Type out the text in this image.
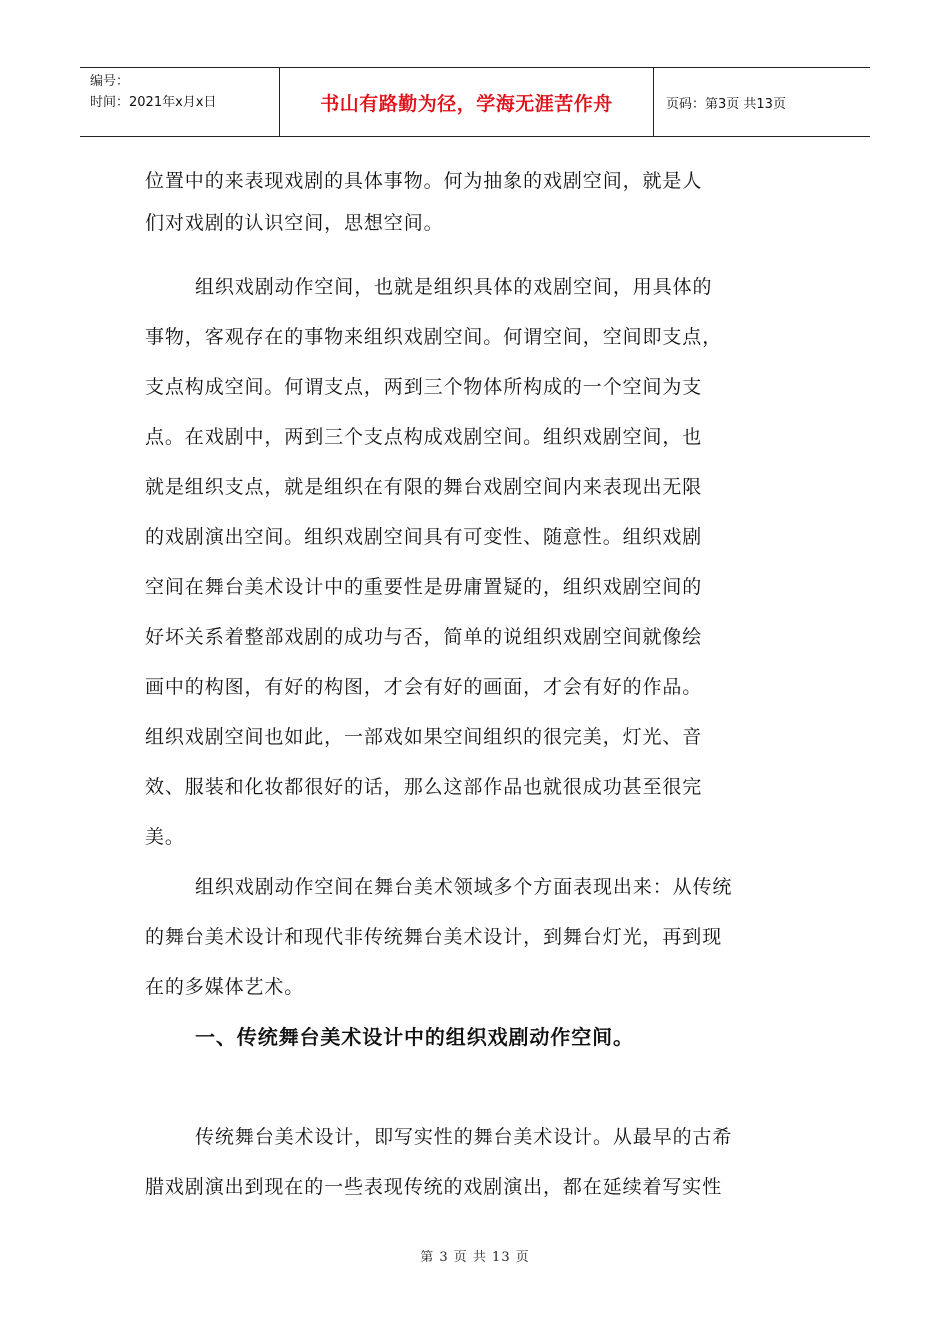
编号：
时间：2021年x月x日	书山有路勤为径，学海无涯苦作舟	页码：第3页 共13页

位置中的来表现戏剧的具体事物。何为抽象的戏剧空间，就是人

们对戏剧的认识空间，思想空间。

组织戏剧动作空间，也就是组织具体的戏剧空间，用具体的

事物，客观存在的事物来组织戏剧空间。何谓空间，空间即支点，

支点构成空间。何谓支点，两到三个物体所构成的一个空间为支

点。在戏剧中，两到三个支点构成戏剧空间。组织戏剧空间，也

就是组织支点，就是组织在有限的舞台戏剧空间内来表现出无限

的戏剧演出空间。组织戏剧空间具有可变性、随意性。组织戏剧

空间在舞台美术设计中的重要性是毋庸置疑的，组织戏剧空间的

好坏关系着整部戏剧的成功与否，简单的说组织戏剧空间就像绘

画中的构图，有好的构图，才会有好的画面，才会有好的作品。

组织戏剧空间也如此，一部戏如果空间组织的很完美，灯光、音

效、服装和化妆都很好的话，那么这部作品也就很成功甚至很完

美。

组织戏剧动作空间在舞台美术领域多个方面表现出来：从传统

的舞台美术设计和现代非传统舞台美术设计，到舞台灯光，再到现

在的多媒体艺术。

一、传统舞台美术设计中的组织戏剧动作空间。

传统舞台美术设计，即写实性的舞台美术设计。从最早的古希

腊戏剧演出到现在的一些表现传统的戏剧演出，都在延续着写实性

第 3 页 共 13 页
